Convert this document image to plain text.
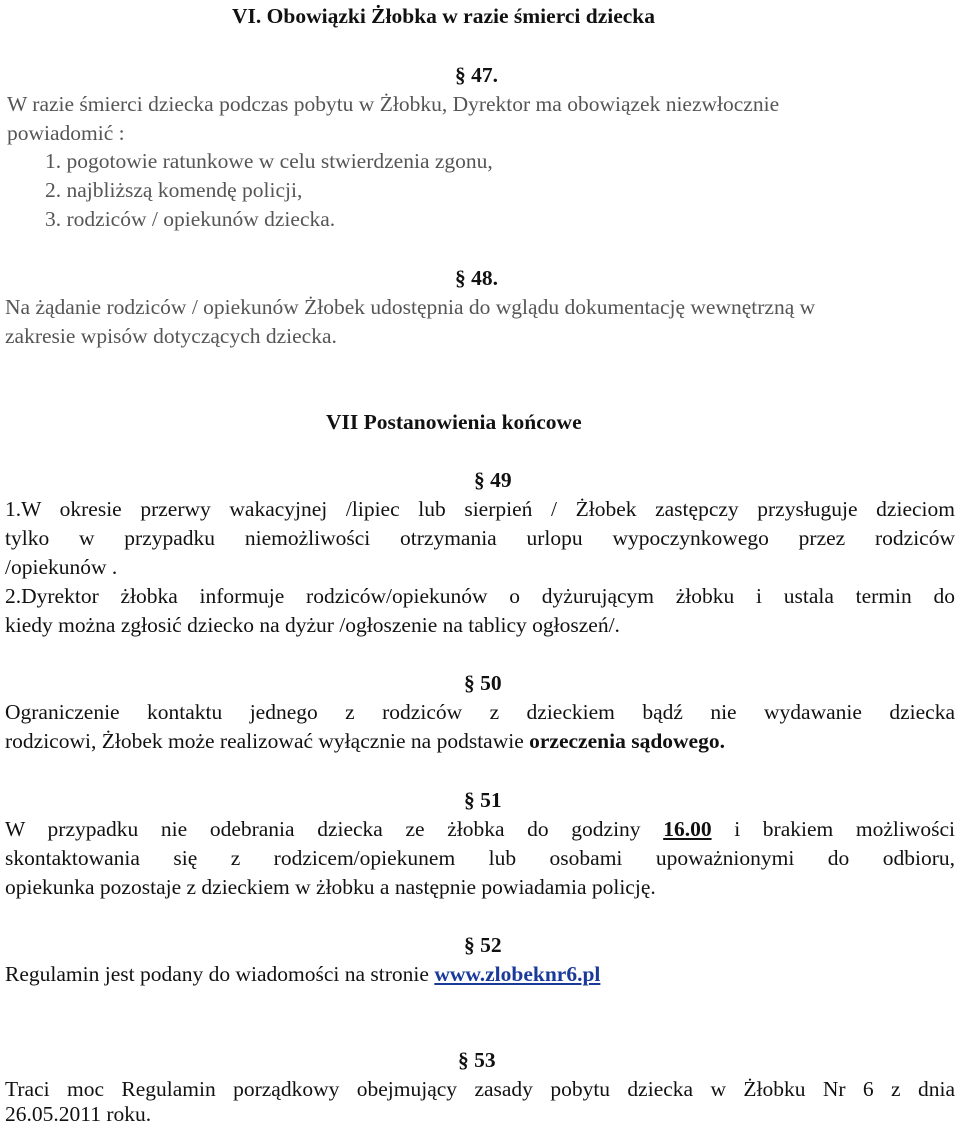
VI. Obowiązki Żłobka w razie śmierci dziecka
§ 47.
W razie śmierci dziecka podczas pobytu w Żłobku, Dyrektor ma obowiązek niezwłocznie
powiadomić :
1. pogotowie ratunkowe w celu stwierdzenia zgonu,
2. najbliższą komendę policji,
3. rodziców / opiekunów dziecka.
§ 48.
Na żądanie rodziców / opiekunów Żłobek udostępnia do wglądu dokumentację wewnętrzną w
zakresie wpisów dotyczących dziecka.
VII Postanowienia końcowe
§ 49
1.W okresie przerwy wakacyjnej /lipiec lub sierpień / Żłobek zastępczy przysługuje dzieciom
tylko w przypadku niemożliwości otrzymania urlopu wypoczynkowego przez rodziców
/opiekunów .
2.Dyrektor żłobka informuje rodziców/opiekunów o dyżurującym żłobku i ustala termin do
kiedy można zgłosić dziecko na dyżur /ogłoszenie na tablicy ogłoszeń/.
§ 50
Ograniczenie kontaktu jednego z rodziców z dzieckiem bądź nie wydawanie dziecka
rodzicowi, Żłobek może realizować wyłącznie na podstawie orzeczenia sądowego.
§ 51
W przypadku nie odebrania dziecka ze żłobka do godziny 16.00 i brakiem możliwości
skontaktowania się z rodzicem/opiekunem lub osobami upoważnionymi do odbioru,
opiekunka pozostaje z dzieckiem w żłobku a następnie powiadamia policję.
§ 52
Regulamin jest podany do wiadomości na stronie www.zlobeknr6.pl
§ 53
Traci moc Regulamin porządkowy obejmujący zasady pobytu dziecka w Żłobku Nr 6 z dnia
26.05.2011 roku.
